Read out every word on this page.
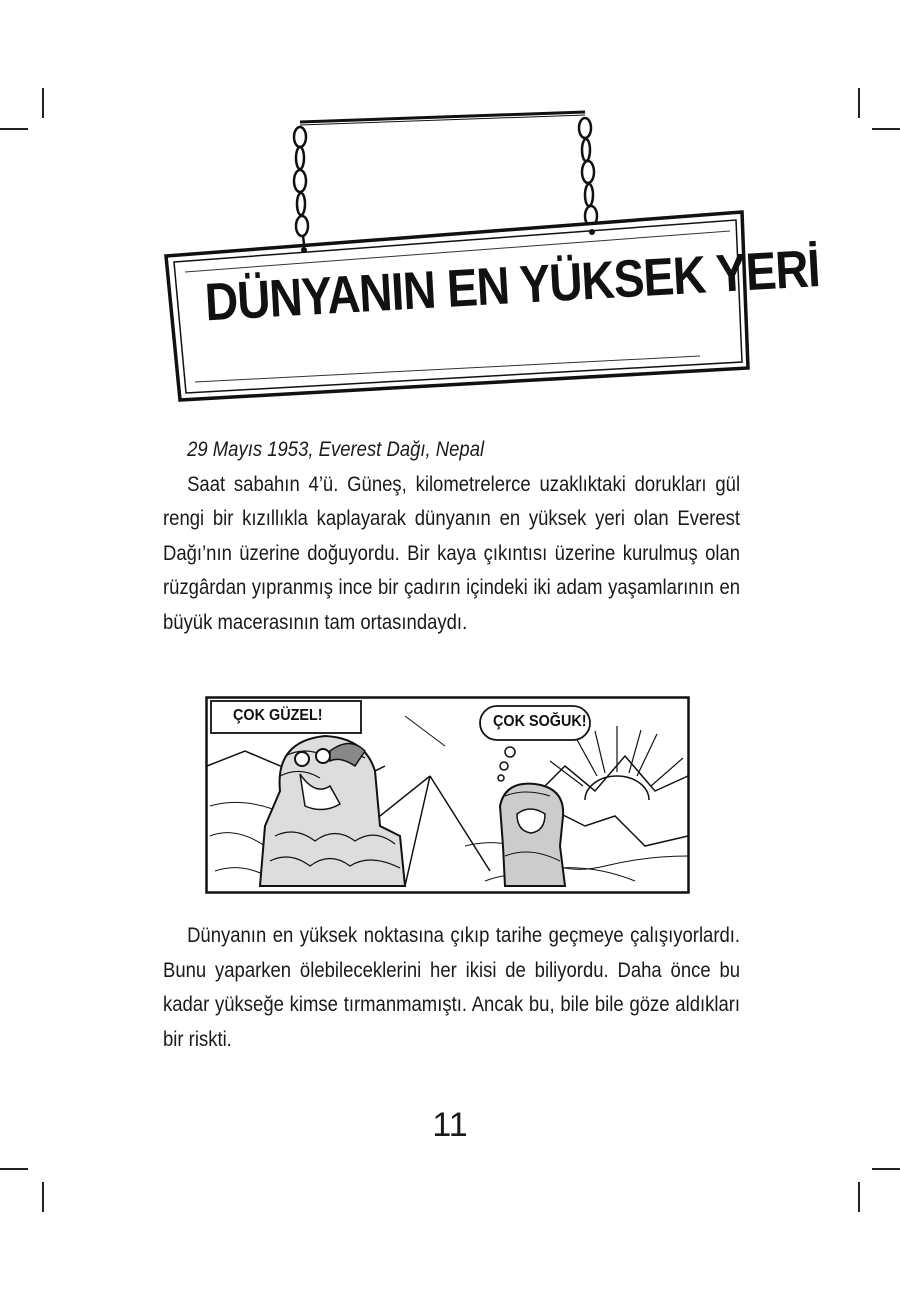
DÜNYANIN EN YÜKSEK YERİ

29 Mayıs 1953, Everest Dağı, Nepal

Saat sabahın 4’ü. Güneş, kilometrelerce uzaklıktaki dorukları gül rengi bir kızıllıkla kaplayarak dünyanın en yüksek yeri olan Everest Dağı’nın üzerine doğuyordu. Bir kaya çıkıntısı üzerine kurulmuş olan rüzgârdan yıpranmış ince bir çadırın içindeki iki adam yaşamlarının en büyük macerasının tam ortasındaydı.

ÇOK GÜZEL!	ÇOK SOĞUK!

Dünyanın en yüksek noktasına çıkıp tarihe geçmeye çalışıyorlardı. Bunu yaparken ölebileceklerini her ikisi de biliyordu. Daha önce bu kadar yükseğe kimse tırmanmamıştı. Ancak bu, bile bile göze aldıkları bir riskti.

11
